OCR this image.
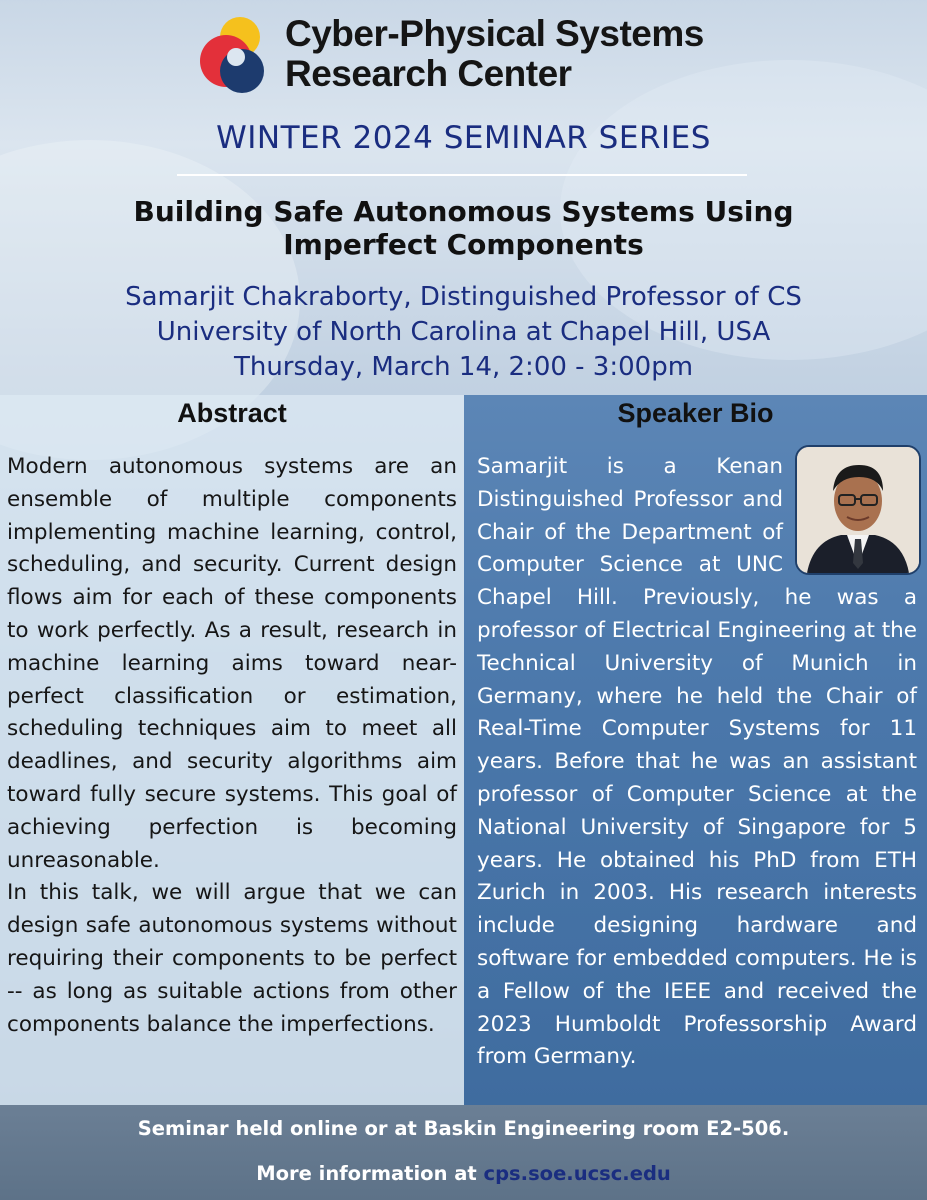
Cyber-Physical Systems Research Center
WINTER 2024 SEMINAR SERIES
Building Safe Autonomous Systems Using Imperfect Components
Samarjit Chakraborty, Distinguished Professor of CS
University of North Carolina at Chapel Hill, USA
Thursday, March 14, 2:00 - 3:00pm
Abstract

Modern autonomous systems are an ensemble of multiple components implementing machine learning, control, scheduling, and security. Current design flows aim for each of these components to work perfectly. As a result, research in machine learning aims toward near-perfect classification or estimation, scheduling techniques aim to meet all deadlines, and security algorithms aim toward fully secure systems. This goal of achieving perfection is becoming unreasonable.

In this talk, we will argue that we can design safe autonomous systems without requiring their components to be perfect -- as long as suitable actions from other components balance the imperfections.

Speaker Bio
Samarjit is a Kenan Distinguished Professor and Chair of the Department of Computer Science at UNC Chapel Hill. Previously, he was a professor of Electrical Engineering at the Technical University of Munich in Germany, where he held the Chair of Real-Time Computer Systems for 11 years. Before that he was an assistant professor of Computer Science at the National University of Singapore for 5 years. He obtained his PhD from ETH Zurich in 2003. His research interests include designing hardware and software for embedded computers. He is a Fellow of the IEEE and received the 2023 Humboldt Professorship Award from Germany.
Seminar held online or at Baskin Engineering room E2-506.
More information at cps.soe.ucsc.edu
